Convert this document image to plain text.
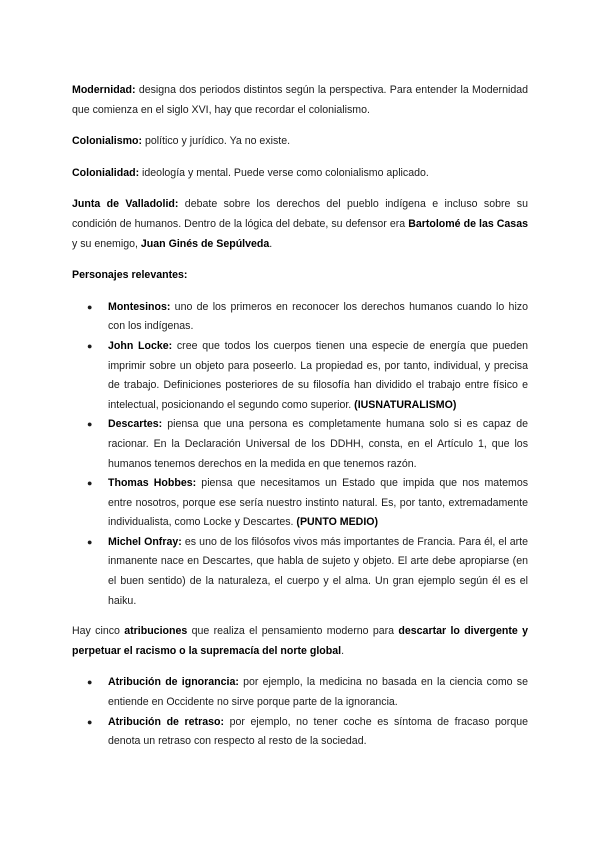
Modernidad: designa dos periodos distintos según la perspectiva. Para entender la Modernidad que comienza en el siglo XVI, hay que recordar el colonialismo.

Colonialismo: político y jurídico. Ya no existe.

Colonialidad: ideología y mental. Puede verse como colonialismo aplicado.

Junta de Valladolid: debate sobre los derechos del pueblo indígena e incluso sobre su condición de humanos. Dentro de la lógica del debate, su defensor era Bartolomé de las Casas y su enemigo, Juan Ginés de Sepúlveda.

Personajes relevantes:

● Montesinos: uno de los primeros en reconocer los derechos humanos cuando lo hizo con los indígenas.
● John Locke: cree que todos los cuerpos tienen una especie de energía que pueden imprimir sobre un objeto para poseerlo. La propiedad es, por tanto, individual, y precisa de trabajo. Definiciones posteriores de su filosofía han dividido el trabajo entre físico e intelectual, posicionando el segundo como superior. (IUSNATURALISMO)
● Descartes: piensa que una persona es completamente humana solo si es capaz de racionar. En la Declaración Universal de los DDHH, consta, en el Artículo 1, que los humanos tenemos derechos en la medida en que tenemos razón.
● Thomas Hobbes: piensa que necesitamos un Estado que impida que nos matemos entre nosotros, porque ese sería nuestro instinto natural. Es, por tanto, extremadamente individualista, como Locke y Descartes. (PUNTO MEDIO)
● Michel Onfray: es uno de los filósofos vivos más importantes de Francia. Para él, el arte inmanente nace en Descartes, que habla de sujeto y objeto. El arte debe apropiarse (en el buen sentido) de la naturaleza, el cuerpo y el alma. Un gran ejemplo según él es el haiku.

Hay cinco atribuciones que realiza el pensamiento moderno para descartar lo divergente y perpetuar el racismo o la supremacía del norte global.

● Atribución de ignorancia: por ejemplo, la medicina no basada en la ciencia como se entiende en Occidente no sirve porque parte de la ignorancia.
● Atribución de retraso: por ejemplo, no tener coche es síntoma de fracaso porque denota un retraso con respecto al resto de la sociedad.
